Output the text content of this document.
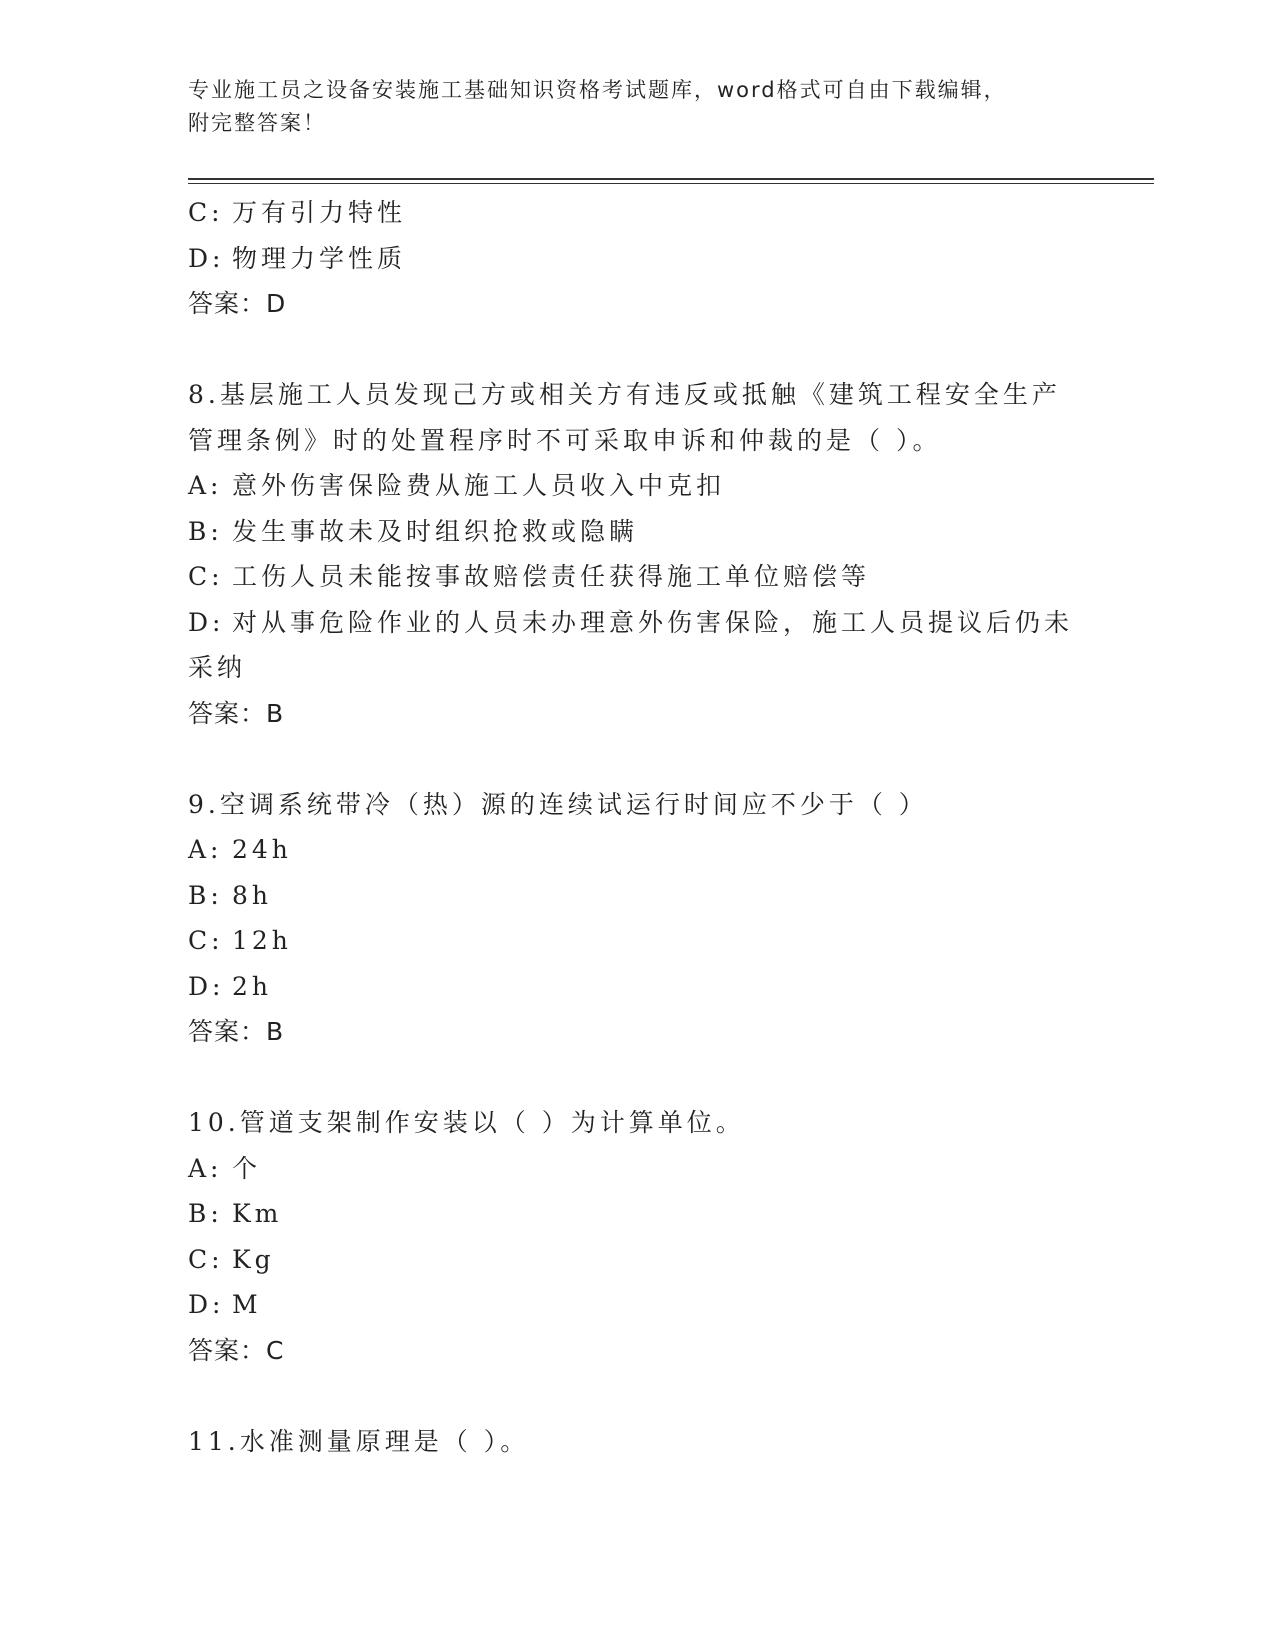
专业施工员之设备安装施工基础知识资格考试题库，word格式可自由下载编辑，
附完整答案！
C: 万有引力特性
D: 物理力学性质
答案：D
8.基层施工人员发现己方或相关方有违反或抵触《建筑工程安全生产
管理条例》时的处置程序时不可采取申诉和仲裁的是（ ）。
A: 意外伤害保险费从施工人员收入中克扣
B: 发生事故未及时组织抢救或隐瞒
C: 工伤人员未能按事故赔偿责任获得施工单位赔偿等
D: 对从事危险作业的人员未办理意外伤害保险，施工人员提议后仍未
采纳
答案：B
9.空调系统带冷（热）源的连续试运行时间应不少于（ ）
A: 24h
B: 8h
C: 12h
D: 2h
答案：B
10.管道支架制作安装以（ ）为计算单位。
A: 个
B: Km
C: Kg
D: M
答案：C
11.水准测量原理是（ ）。
